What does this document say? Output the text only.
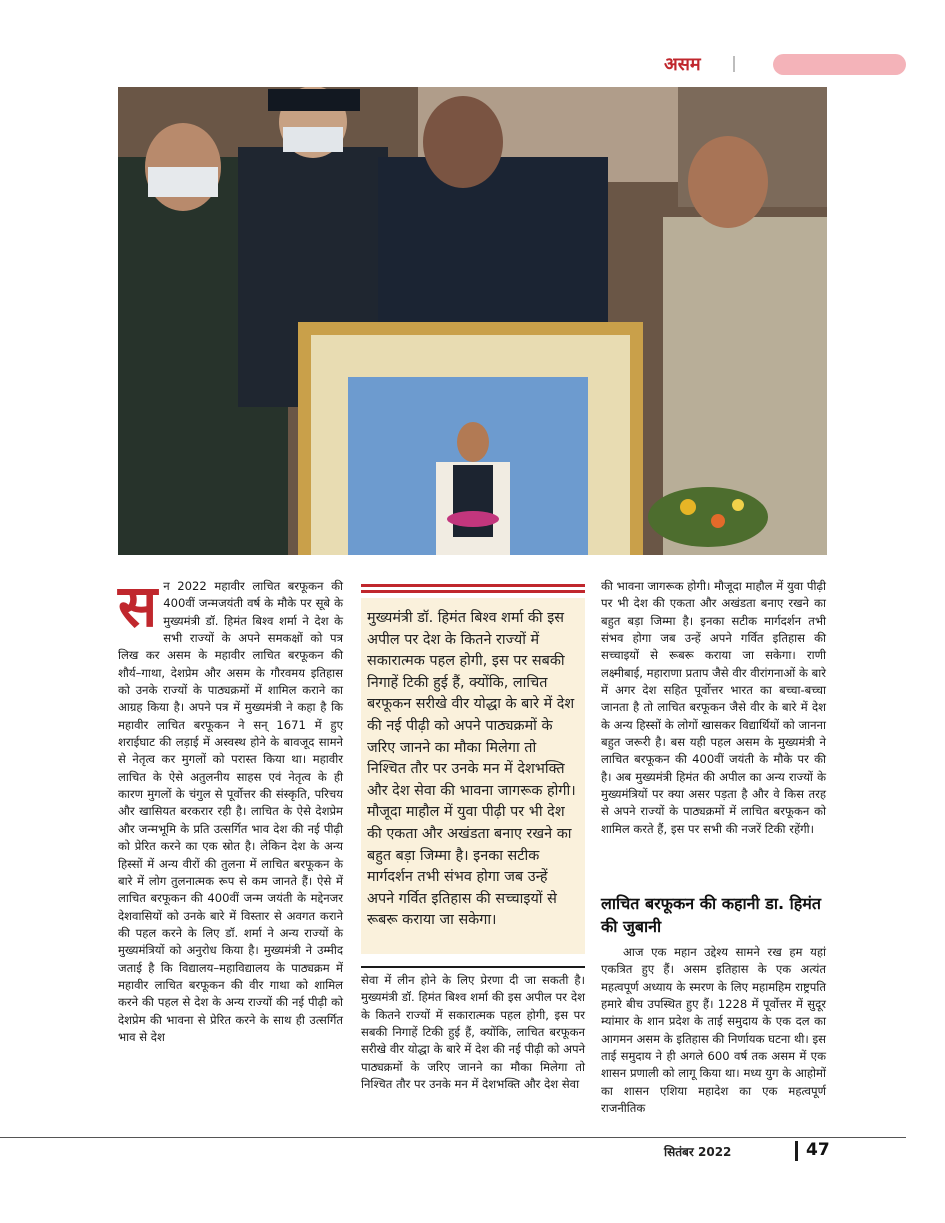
असम
स न 2022 महावीर लाचित बरफूकन की 400वीं जन्मजयंती वर्ष के मौके पर सूबे के मुख्यमंत्री डॉ. हिमंत बिश्व शर्मा ने देश के सभी राज्यों के अपने समकक्षों को पत्र लिख कर असम के महावीर लाचित बरफूकन की शौर्य–गाथा, देशप्रेम और असम के गौरवमय इतिहास को उनके राज्यों के पाठ्यक्रमों में शामिल कराने का आग्रह किया है। अपने पत्र में मुख्यमंत्री ने कहा है कि महावीर लाचित बरफूकन ने सन् 1671 में हुए शराईघाट की लड़ाई में अस्वस्थ होने के बावजूद सामने से नेतृत्व कर मुगलों को परास्त किया था। महावीर लाचित के ऐसे अतुलनीय साहस एवं नेतृत्व के ही कारण मुगलों के चंगुल से पूर्वोत्तर की संस्कृति, परिचय और खासियत बरकरार रही है। लाचित के ऐसे देशप्रेम और जन्मभूमि के प्रति उत्सर्गित भाव देश की नई पीढ़ी को प्रेरित करने का एक स्रोत है। लेकिन देश के अन्य हिस्सों में अन्य वीरों की तुलना में लाचित बरफूकन के बारे में लोग तुलनात्मक रूप से कम जानते हैं। ऐसे में लाचित बरफूकन की 400वीं जन्म जयंती के मद्देनजर देशवासियों को उनके बारे में विस्तार से अवगत कराने की पहल करने के लिए डॉ. शर्मा ने अन्य राज्यों के मुख्यमंत्रियों को अनुरोध किया है। मुख्यमंत्री ने उम्मीद जताई है कि विद्यालय–महाविद्यालय के पाठ्यक्रम में महावीर लाचित बरफूकन की वीर गाथा को शामिल करने की पहल से देश के अन्य राज्यों की नई पीढ़ी को देशप्रेम की भावना से प्रेरित करने के साथ ही उत्सर्गित भाव से देश

मुख्यमंत्री डॉ. हिमंत बिश्व शर्मा की इस अपील पर देश के कितने राज्यों में सकारात्मक पहल होगी, इस पर सबकी निगाहें टिकी हुई हैं, क्योंकि, लाचित बरफूकन सरीखे वीर योद्धा के बारे में देश की नई पीढ़ी को अपने पाठ्यक्रमों के जरिए जानने का मौका मिलेगा तो निश्चित तौर पर उनके मन में देशभक्ति और देश सेवा की भावना जागरूक होगी। मौजूदा माहौल में युवा पीढ़ी पर भी देश की एकता और अखंडता बनाए रखने का बहुत बड़ा जिम्मा है। इनका सटीक मार्गदर्शन तभी संभव होगा जब उन्हें अपने गर्वित इतिहास की सच्चाइयों से रूबरू कराया जा सकेगा।

सेवा में लीन होने के लिए प्रेरणा दी जा सकती है। मुख्यमंत्री डॉ. हिमंत बिश्व शर्मा की इस अपील पर देश के कितने राज्यों में सकारात्मक पहल होगी, इस पर सबकी निगाहें टिकी हुई हैं, क्योंकि, लाचित बरफूकन सरीखे वीर योद्धा के बारे में देश की नई पीढ़ी को अपने पाठ्यक्रमों के जरिए जानने का मौका मिलेगा तो निश्चित तौर पर उनके मन में देशभक्ति और देश सेवा

की भावना जागरूक होगी। मौजूदा माहौल में युवा पीढ़ी पर भी देश की एकता और अखंडता बनाए रखने का बहुत बड़ा जिम्मा है। इनका सटीक मार्गदर्शन तभी संभव होगा जब उन्हें अपने गर्वित इतिहास की सच्चाइयों से रूबरू कराया जा सकेगा। राणी लक्ष्मीबाई, महाराणा प्रताप जैसे वीर वीरांगनाओं के बारे में अगर देश सहित पूर्वोत्तर भारत का बच्चा-बच्चा जानता है तो लाचित बरफूकन जैसे वीर के बारे में देश के अन्य हिस्सों के लोगों खासकर विद्यार्थियों को जानना बहुत जरूरी है। बस यही पहल असम के मुख्यमंत्री ने लाचित बरफूकन की 400वीं जयंती के मौके पर की है। अब मुख्यमंत्री हिमंत की अपील का अन्य राज्यों के मुख्यमंत्रियों पर क्या असर पड़ता है और वे किस तरह से अपने राज्यों के पाठ्यक्रमों में लाचित बरफूकन को शामिल करते हैं, इस पर सभी की नजरें टिकी रहेंगी।

लाचित बरफूकन की कहानी डा. हिमंत की जुबानी

आज एक महान उद्देश्य सामने रख हम यहां एकत्रित हुए हैं। असम इतिहास के एक अत्यंत महत्वपूर्ण अध्याय के स्मरण के लिए महामहिम राष्ट्रपति हमारे बीच उपस्थित हुए हैं। 1228 में पूर्वोत्तर में सुदूर म्यांमार के शान प्रदेश के ताई समुदाय के एक दल का आगमन असम के इतिहास की निर्णायक घटना थी। इस ताई समुदाय ने ही अगले 600 वर्ष तक असम में एक शासन प्रणाली को लागू किया था। मध्य युग के आहोमों का शासन एशिया महादेश का एक महत्वपूर्ण राजनीतिक

सितंबर 2022	47
